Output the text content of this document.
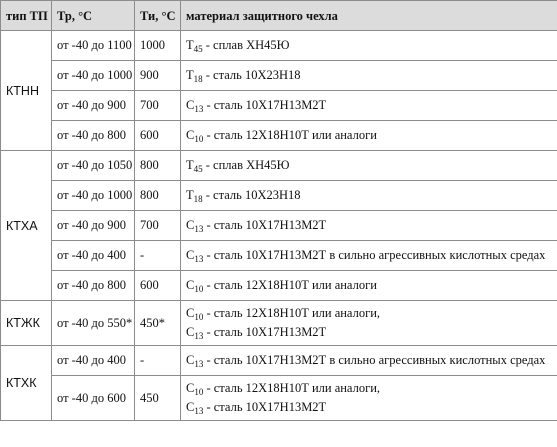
тип ТП	Тр, °С	Ти, °С	материал защитного чехла
КТНН	от -40 до 1100	1000	$Т_{45}$ - сплав ХН45Ю

	от -40 до 1000	900	$Т_{18}$ - сталь 10Х23Н18

	от -40 до 900	700	$С_{13}$ - сталь 10Х17Н13М2Т

	от -40 до 800	600	$С_{10}$ - сталь 12Х18Н10Т или аналоги

КТХА	от -40 до 1050	800	$Т_{45}$ - сплав ХН45Ю

	от -40 до 1000	800	$Т_{18}$ - сталь 10Х23Н18

	от -40 до 900	700	$С_{13}$ - сталь 10Х17Н13М2Т

	от -40 до 400	-	$С_{13}$ - сталь 10Х17Н13М2Т в сильно агрессивных кислотных средах

	от -40 до 800	600	$С_{10}$ - сталь 12Х18Н10Т или аналоги

КТЖК	от -40 до 550*	450*	$С_{10}$ - сталь 12Х18Н10Т или аналоги,
$С_{13}$ - сталь 10Х17Н13М2Т

КТХК	от -40 до 400	-	$С_{13}$ - сталь 10Х17Н13М2Т в сильно агрессивных кислотных средах

	от -40 до 600	450	$С_{10}$ - сталь 12Х18Н10Т или аналоги,
$С_{13}$ - сталь 10Х17Н13М2Т
